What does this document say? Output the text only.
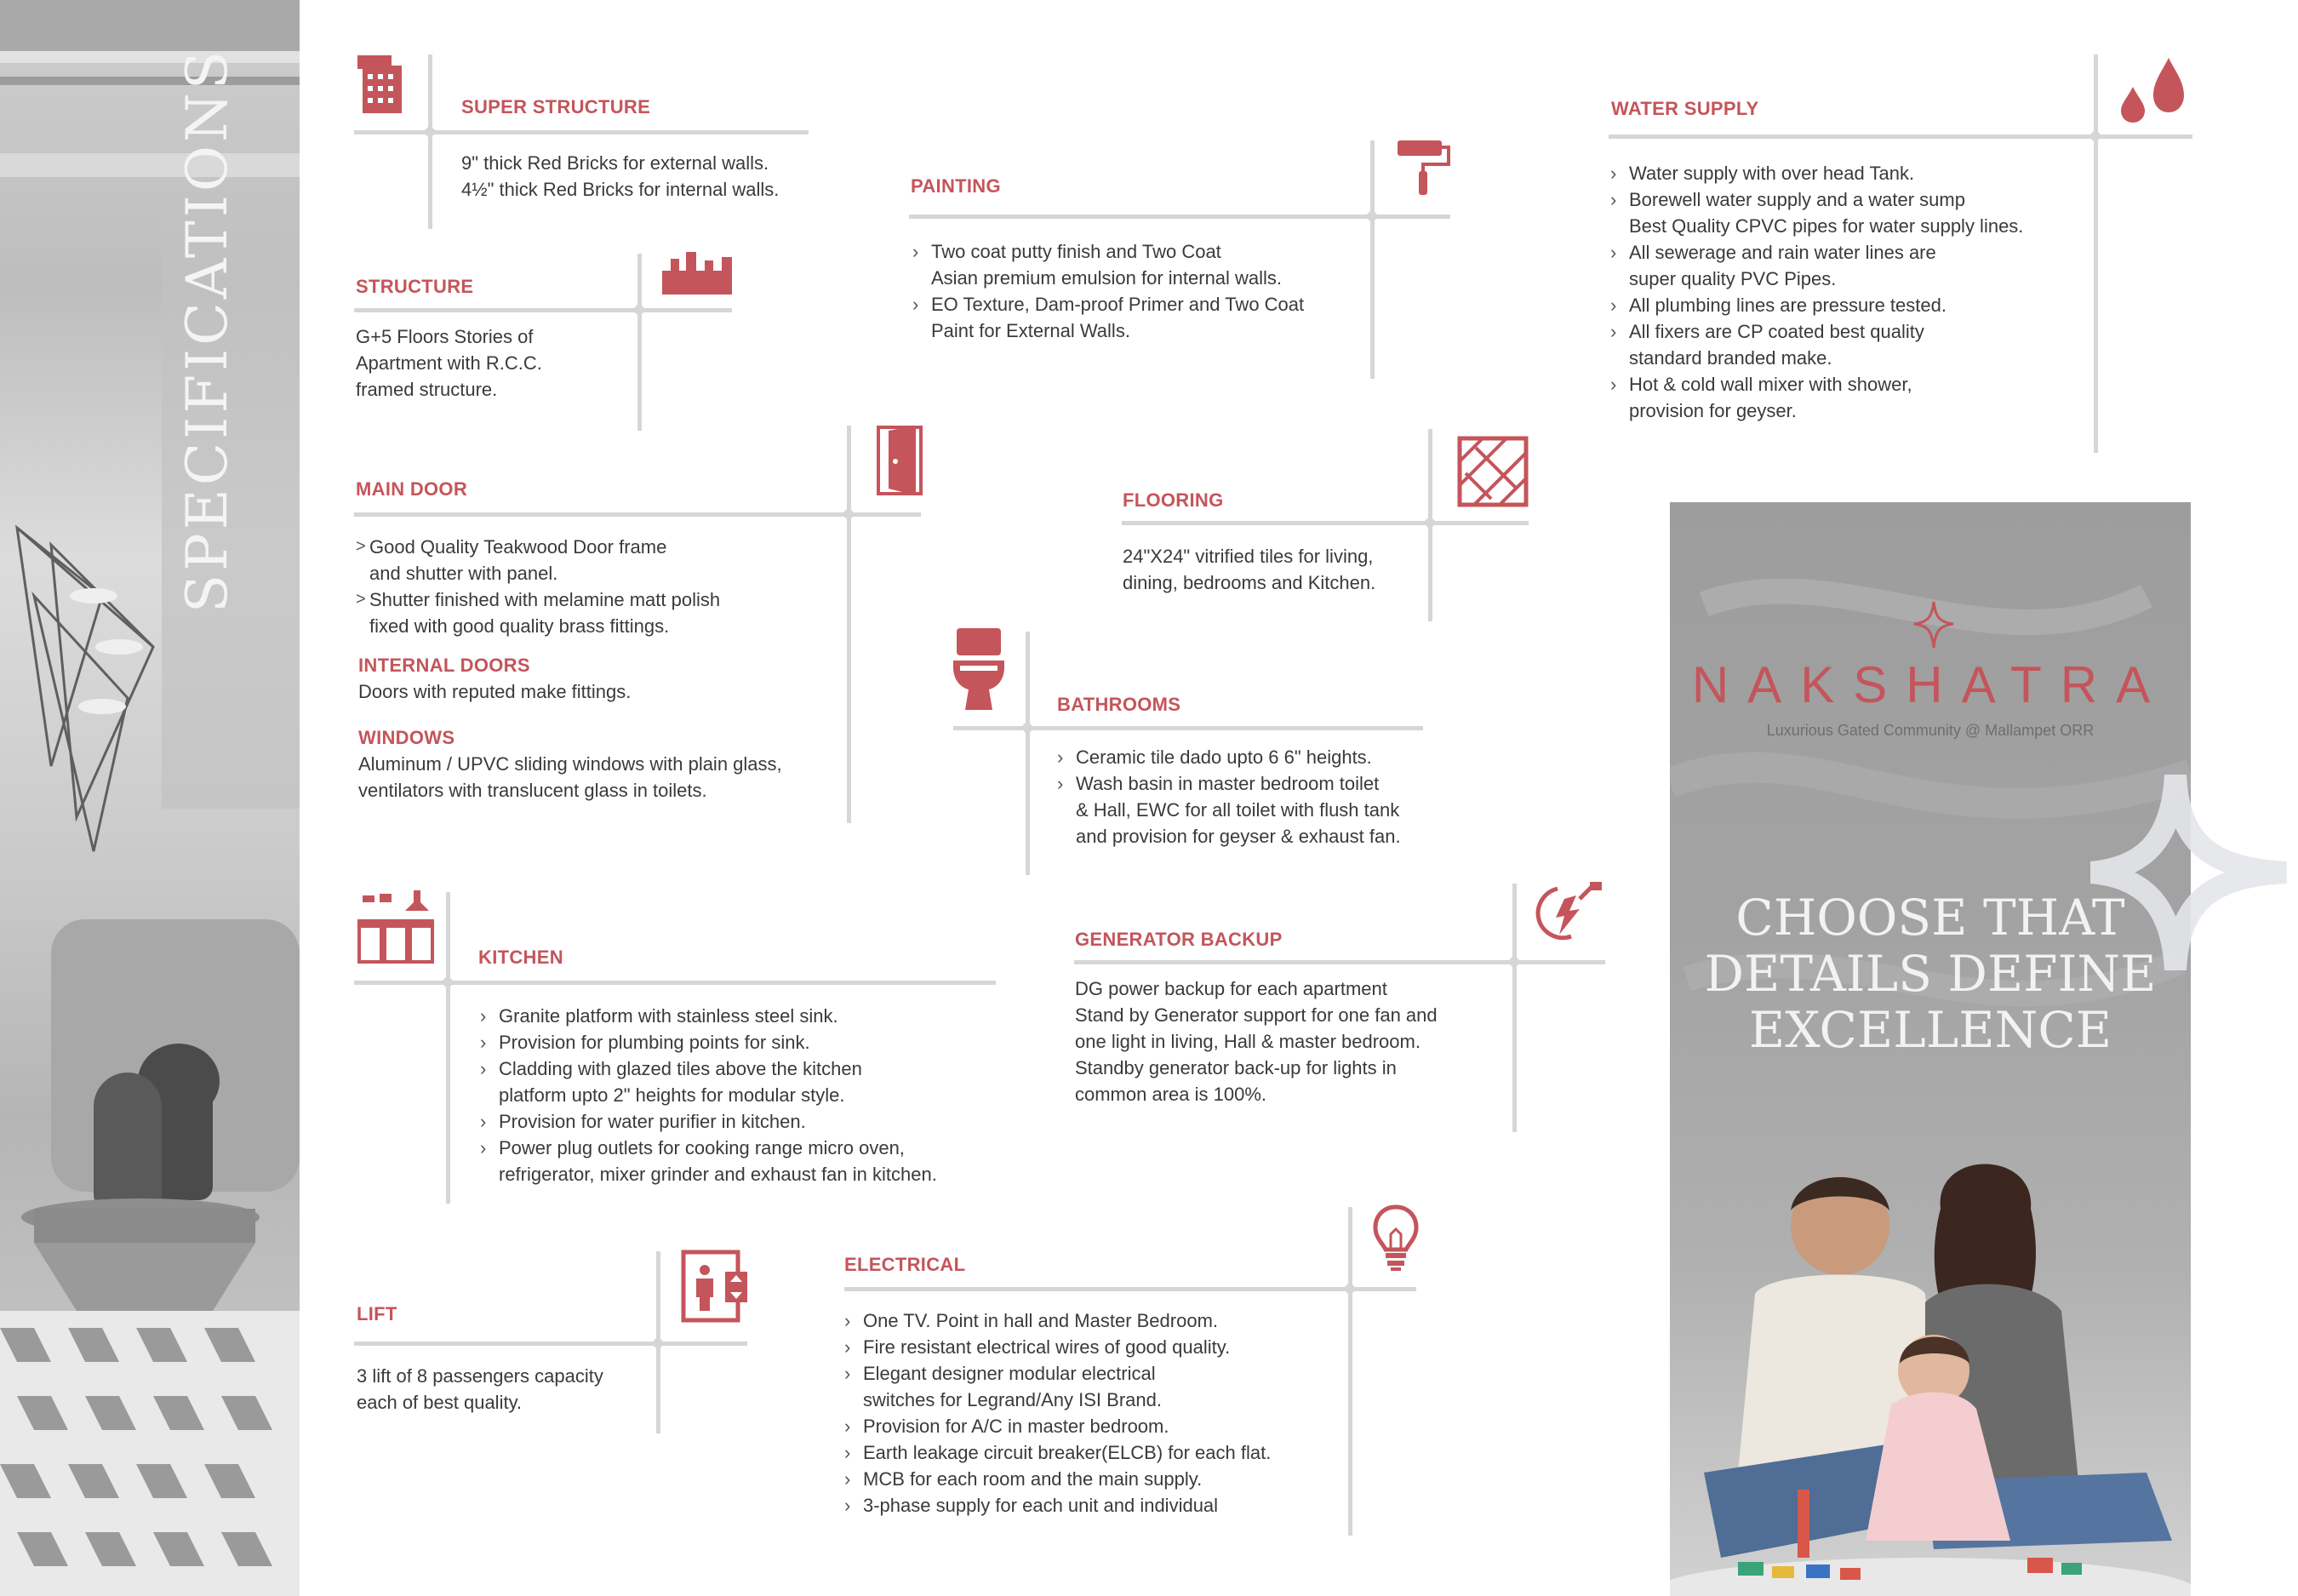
SPECIFICATIONS	SUPER STRUCTURE

9" thick Red Bricks for external walls.

4½" thick Red Bricks for internal walls.

STRUCTURE

G+5 Floors Stories of

Apartment with R.C.C.

framed structure.

PAINTING
› Two coat putty finish and Two Coat
Asian premium emulsion for internal walls.
› EO Texture, Dam-proof Primer and Two Coat
Paint for External Walls.
WATER SUPPLY
› Water supply with over head Tank.
› Borewell water supply and a water sump
Best Quality CPVC pipes for water supply lines.
› All sewerage and rain water lines are
super quality PVC Pipes.
› All plumbing lines are pressure tested.
› All fixers are CP coated best quality
standard branded make.
› Hot & cold wall mixer with shower,
provision for geyser.
MAIN DOOR
> Good Quality Teakwood Door frame
and shutter with panel.
> Shutter finished with melamine matt polish
fixed with good quality brass fittings.
INTERNAL DOORS

Doors with reputed make fittings.

WINDOWS

Aluminum / UPVC sliding windows with plain glass,

ventilators with translucent glass in toilets.

FLOORING

24"X24" vitrified tiles for living,

dining, bedrooms and Kitchen.

BATHROOMS
› Ceramic tile dado upto 6 6" heights.
› Wash basin in master bedroom toilet
& Hall, EWC for all toilet with flush tank
and provision for geyser & exhaust fan.
KITCHEN
› Granite platform with stainless steel sink.
› Provision for plumbing points for sink.
› Cladding with glazed tiles above the kitchen
platform upto 2" heights for modular style.
› Provision for water purifier in kitchen.
› Power plug outlets for cooking range micro oven,
refrigerator, mixer grinder and exhaust fan in kitchen.
GENERATOR BACKUP

DG power backup for each apartment

Stand by Generator support for one fan and

one light in living, Hall & master bedroom.

Standby generator back-up for lights in

common area is 100%.

LIFT

3 lift of 8 passengers capacity

each of best quality.

ELECTRICAL
› One TV. Point in hall and Master Bedroom.
› Fire resistant electrical wires of good quality.
› Elegant designer modular electrical
switches for Legrand/Any ISI Brand.
› Provision for A/C in master bedroom.
› Earth leakage circuit breaker(ELCB) for each flat.
› MCB for each room and the main supply.
› 3-phase supply for each unit and individual
NAKSHATRA
Luxurious Gated Community @ Mallampet ORR
CHOOSE THAT
DETAILS DEFINE
EXCELLENCE
